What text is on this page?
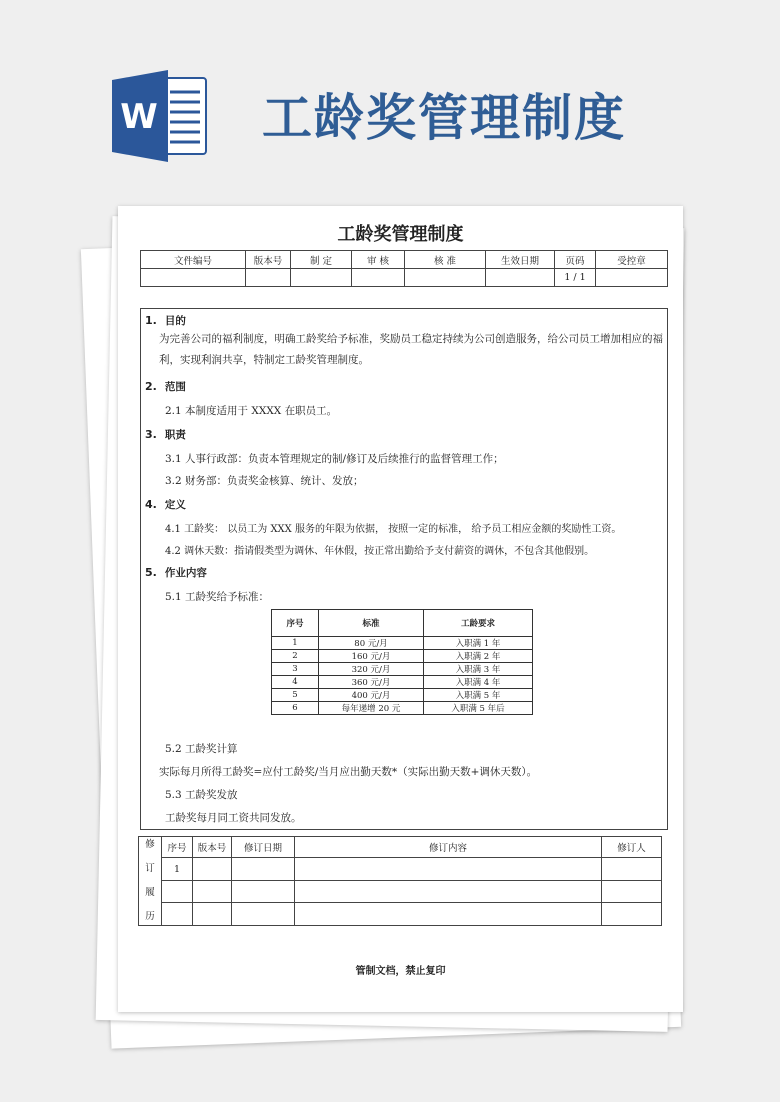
W 工龄奖管理制度
工龄奖管理制度
文件编号	版本号	制 定	审 核	核 准	生效日期	页码	受控章
						1 / 1	
1. 目的
为完善公司的福利制度，明确工龄奖给予标准，奖励员工稳定持续为公司创造服务，给公司员工增加相应的福利，实现利润共享，特制定工龄奖管理制度。
2. 范围
2.1 本制度适用于 XXXX 在职员工。
3. 职责
3.1 人事行政部：负责本管理规定的制/修订及后续推行的监督管理工作；
3.2 财务部：负责奖金核算、统计、发放；
4. 定义
4.1 工龄奖： 以员工为 XXX 服务的年限为依据， 按照一定的标准， 给予员工相应金额的奖励性工资。
4.2 调休天数：指请假类型为调休、年休假，按正常出勤给予支付薪资的调休，不包含其他假别。
5. 作业内容
5.1 工龄奖给予标准：
序号	标准	工龄要求
1	80 元/月	入职满 1 年
2	160 元/月	入职满 2 年
3	320 元/月	入职满 3 年
4	360 元/月	入职满 4 年
5	400 元/月	入职满 5 年
6	每年递增 20 元	入职满 5 年后
5.2 工龄奖计算
实际每月所得工龄奖=应付工龄奖/当月应出勤天数*（实际出勤天数+调休天数）。
5.3 工龄奖发放
工龄奖每月同工资共同发放。
修
订
履
历	序号	版本号	修订日期	修订内容	修订人
	1				

管制文档，禁止复印
